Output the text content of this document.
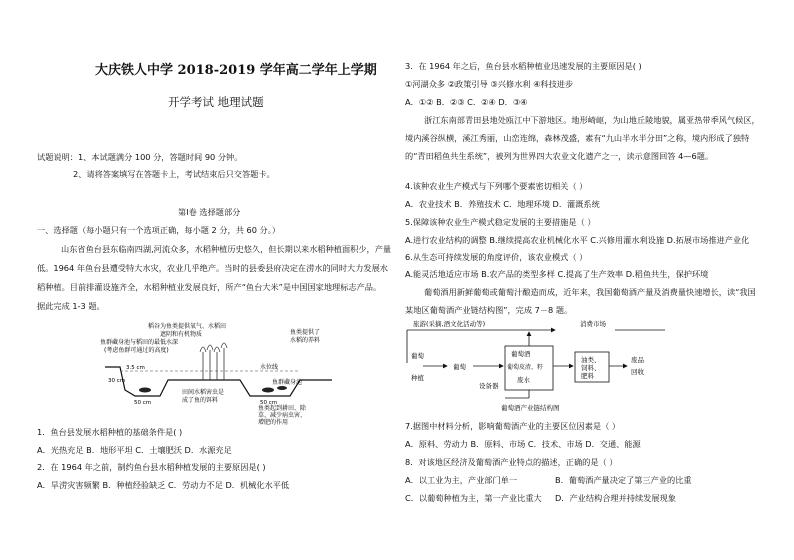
大庆铁人中学 2018-2019 学年高二学年上学期
开学考试 地理试题
试题说明：1、本试题满分 100 分，答题时间 90 分钟。
2、请将答案填写在答题卡上，考试结束后只交答题卡。
第Ⅰ卷 选择题部分
一、选择题（每小题只有一个选项正确，每小题 2 分，共 60 分。）
山东省鱼台县东临南四湖,河流众多，水稻种植历史悠久，但长期以来水稻种植面积少，产量
低。1964 年鱼台县遭受特大水灾，农业几乎绝产。当时的县委县府决定在涝水的同时大力发展水
稻种植。目前排灌设施齐全，水稻种植业发展良好，所产“鱼台大米”是中国国家地理标志产品。
据此完成 1-3 题。
稻谷为鱼类提供氧气、水稻田
遮阴和有机物质
鱼群藏身池与稻田的最低水深
(考虑鱼群可通过的高度)
鱼类提供了
水稻的养料
水位线
鱼群藏身池
3.5 cm
30 cm
50 cm	50 cm
田间水稻害虫是
成了鱼的饵料
鱼类起到耕田、除
草、减少病虫害、
增肥的作用
1．鱼台县发展水稻种植的基础条件是( )
A．光热充足 B．地形平坦 C．土壤肥沃 D．水源充足
2．在 1964 年之前，制约鱼台县水稻种植发展的主要原因是( )
A．旱涝灾害频繁 B．种植经验缺乏 C．劳动力不足 D．机械化水平低
3．在 1964 年之后，鱼台县水稻种植业迅速发展的主要原因是( )
①河湖众多 ②政策引导 ③兴修水利 ④科技进步
A．①② B．②③ C．②④ D．③④
浙江东南部青田县地处瓯江中下游地区。地形崎岖，为山地丘陵地貌，属亚热带季风气候区，
境内溪谷纵横，溪江秀丽，山峦连绵，森林茂盛，素有“九山半水半分田”之称，境内形成了独特
的“青田稻鱼共生系统”，被列为世界四大农业文化遗产之一，读示意图回答 4—6题。
4.该种农业生产模式与下列哪个要素密切相关（ ）
A．农业技术 B．养殖技术 C．地理环境 D．灌溉系统
5.保障该种农业生产模式稳定发展的主要措施是（ ）
A.进行农业结构的调整 B.继续提高农业机械化水平 C.兴修用灌水利设施 D.拓展市场推进产业化
6.从生态可持续发展的角度评价，该农业模式（ ）
A.能灵活地适应市场 B.农产品的类型多样 C.提高了生产效率 D.稻鱼共生，保护环境
葡萄酒用新鲜葡萄或葡萄汁酿造而成，近年来，我国葡萄酒产量及消费量快速增长，读“我国
某地区葡萄酒产业链结构图”，完成 7－8 题。
旅游(采摘,酒文化活动等)	消费市场
葡萄
种植
葡萄
葡萄酒
葡萄皮渣、籽
废水
油类、
饲料、
肥料
废品
回收
设备器
葡萄酒产业链结构图
7.据图中材料分析，影响葡萄酒产业的主要区位因素是（ ）
A．原料、劳动力 B．原料、市场 C．技术、市场 D．交通、能源
8．对该地区经济及葡萄酒产业特点的描述，正确的是（ ）
A．以工业为主，产业部门单一	B．葡萄酒产量决定了第三产业的比重
C．以葡萄种植为主，第一产业比重大 D．产业结构合理并持续发展现象
